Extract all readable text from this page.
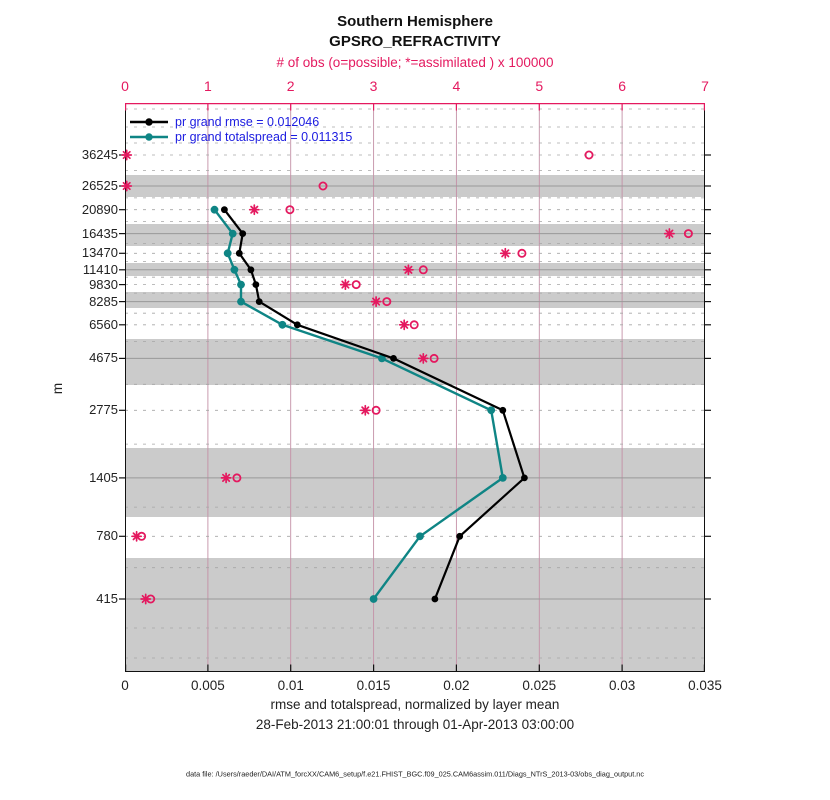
Southern Hemisphere
GPSRO_REFRACTIVITY
# of obs (o=possible; *=assimilated ) x 100000
0	1	2	3	4	5	6	7
pr grand rmse = 0.012046
pr grand totalspread = 0.011315
36245
26525
20890
16435
13470
11410
9830
8285
6560
4675
2775
1405
780
415
m
0	0.005	0.01	0.015	0.02	0.025	0.03	0.035
rmse and totalspread, normalized by layer mean
28-Feb-2013 21:00:01 through 01-Apr-2013 03:00:00
data file: /Users/raeder/DAI/ATM_forcXX/CAM6_setup/f.e21.FHIST_BGC.f09_025.CAM6assim.011/Diags_NTrS_2013-03/obs_diag_output.nc
